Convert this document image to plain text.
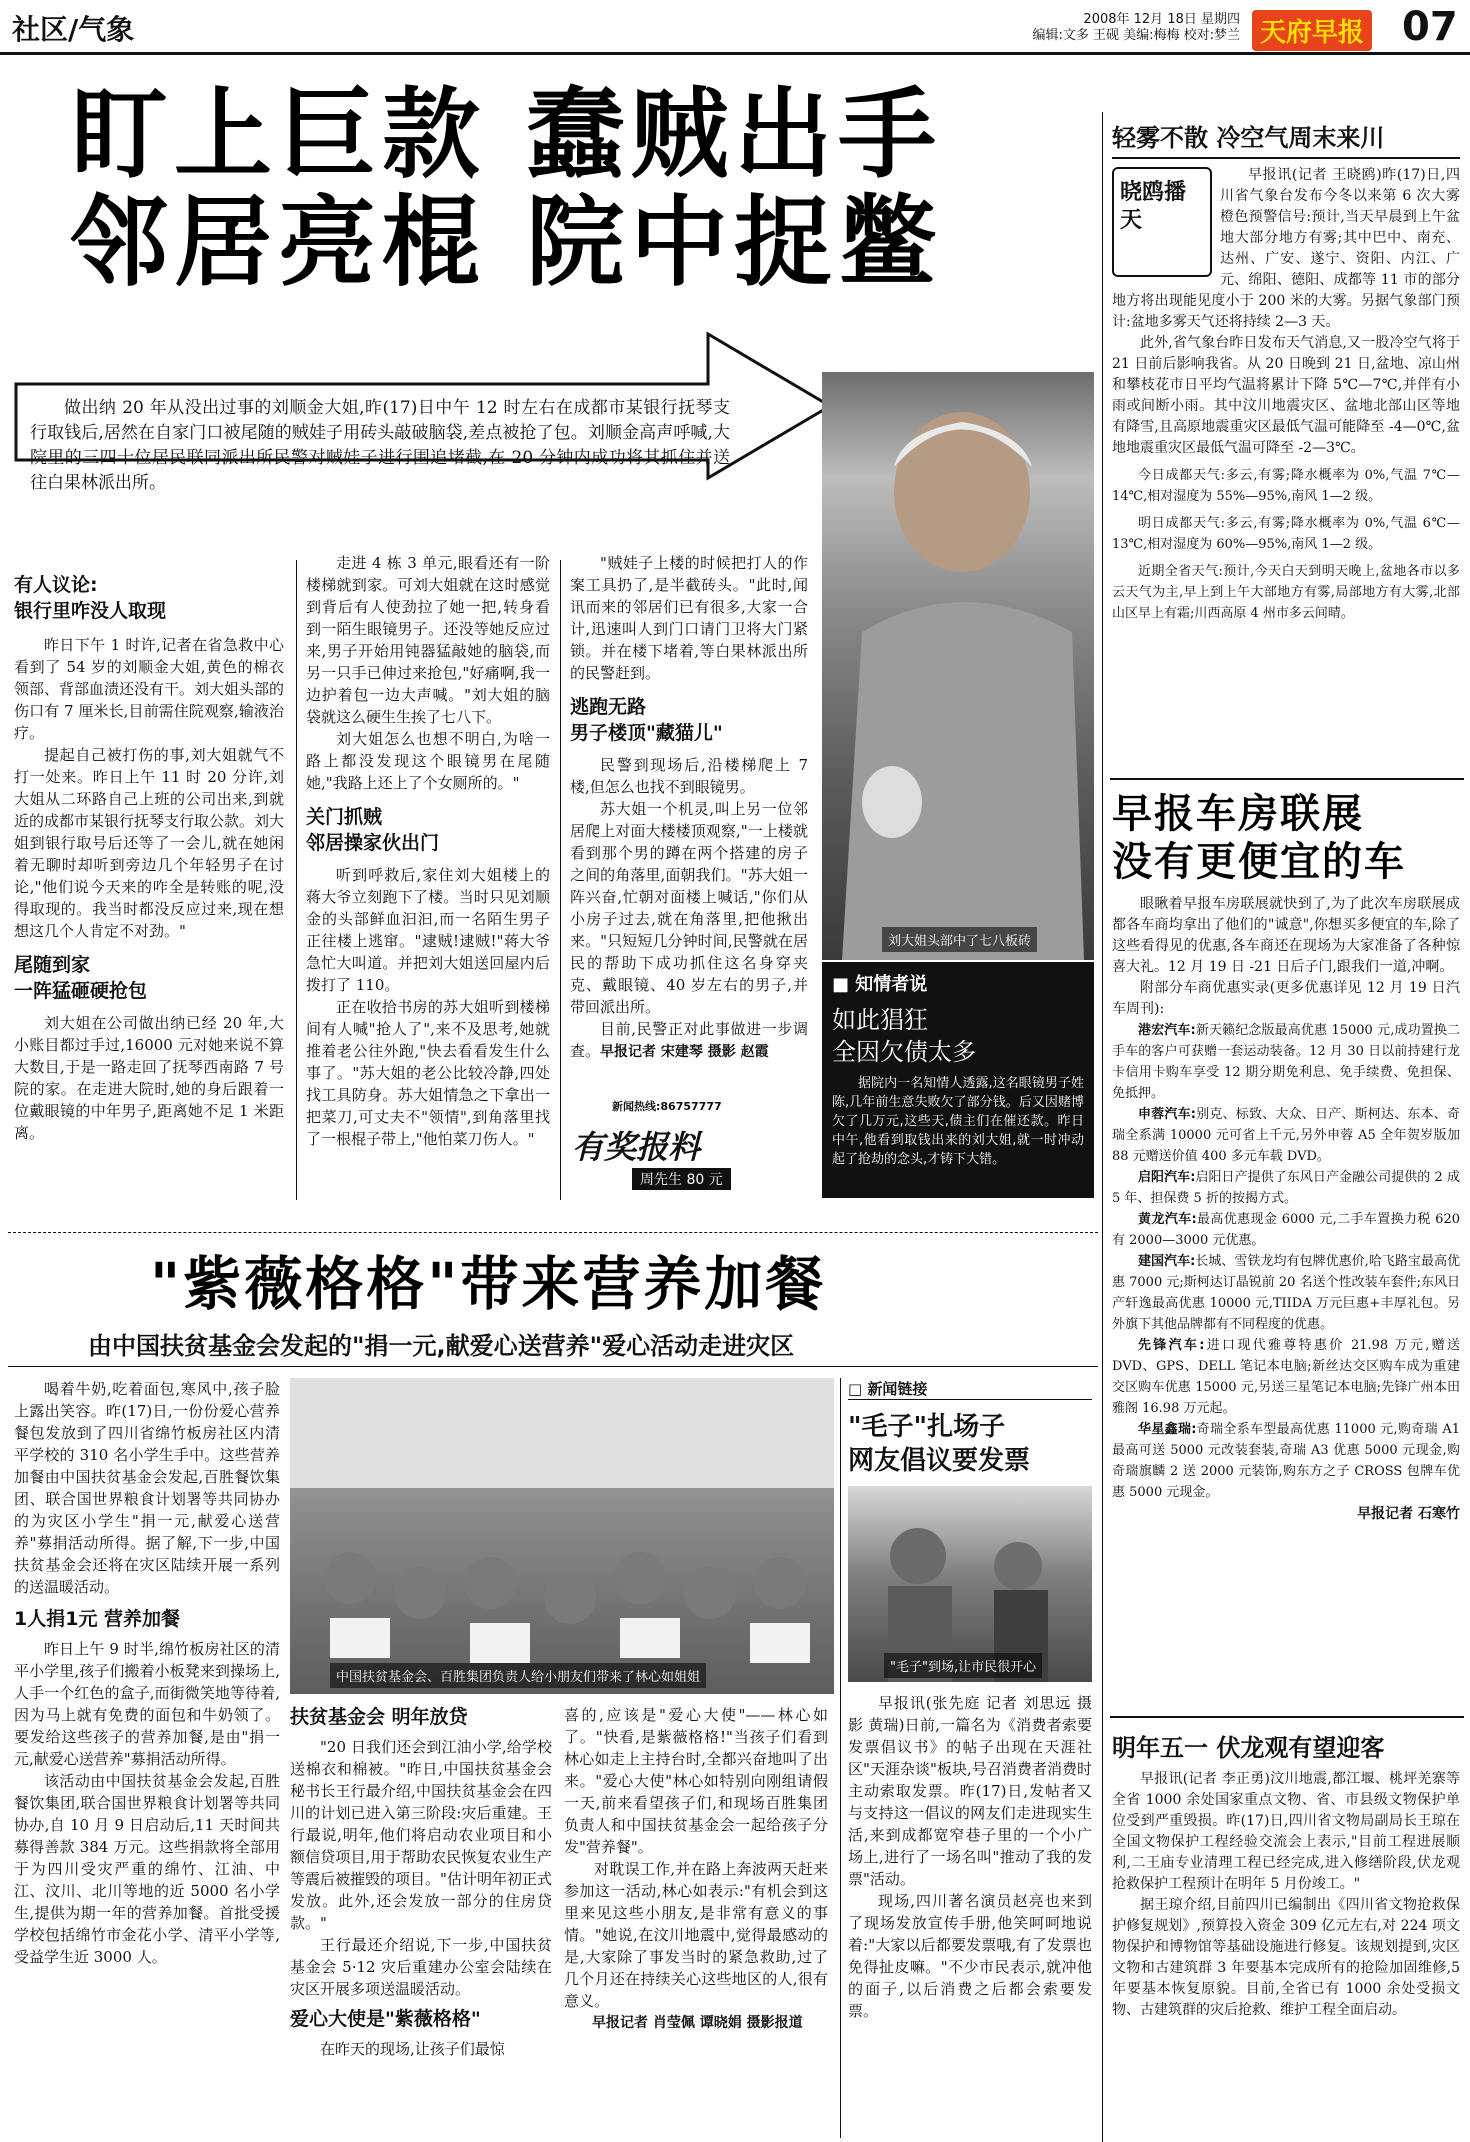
社区/气象	2008年 12月 18日 星期四
编辑:文多 王砚 美编:梅梅 校对:梦兰 天府早报 07
盯上巨款 蠢贼出手
邻居亮棍 院中捉鳖
做出纳 20 年从没出过事的刘顺金大姐,昨(17)日中午 12 时左右在成都市某银行抚琴支行取钱后,居然在自家门口被尾随的贼娃子用砖头敲破脑袋,差点被抢了包。刘顺金高声呼喊,大院里的三四十位居民联同派出所民警对贼娃子进行围追堵截,在 20 分钟内成功将其抓住并送往白果林派出所。
有人议论:
银行里咋没人取现

昨日下午 1 时许,记者在省急救中心看到了 54 岁的刘顺金大姐,黄色的棉衣领部、背部血渍还没有干。刘大姐头部的伤口有 7 厘米长,目前需住院观察,输液治疗。

提起自己被打伤的事,刘大姐就气不打一处来。昨日上午 11 时 20 分许,刘大姐从二环路自己上班的公司出来,到就近的成都市某银行抚琴支行取公款。刘大姐到银行取号后还等了一会儿,就在她闲着无聊时却听到旁边几个年轻男子在讨论,"他们说今天来的咋全是转账的呢,没得取现的。我当时都没反应过来,现在想想这几个人肯定不对劲。"

尾随到家
一阵猛砸硬抢包

刘大姐在公司做出纳已经 20 年,大小账目都过手过,16000 元对她来说不算大数目,于是一路走回了抚琴西南路 7 号院的家。在走进大院时,她的身后跟着一位戴眼镜的中年男子,距离她不足 1 米距离。

走进 4 栋 3 单元,眼看还有一阶楼梯就到家。可刘大姐就在这时感觉到背后有人使劲拉了她一把,转身看到一陌生眼镜男子。还没等她反应过来,男子开始用钝器猛敲她的脑袋,而另一只手已伸过来抢包,"好痛啊,我一边护着包一边大声喊。"刘大姐的脑袋就这么硬生生挨了七八下。

刘大姐怎么也想不明白,为啥一路上都没发现这个眼镜男在尾随她,"我路上还上了个女厕所的。"

关门抓贼
邻居操家伙出门

听到呼救后,家住刘大姐楼上的蒋大爷立刻跑下了楼。当时只见刘顺金的头部鲜血汩汩,而一名陌生男子正往楼上逃窜。"逮贼!逮贼!"蒋大爷急忙大叫道。并把刘大姐送回屋内后拨打了 110。

正在收拾书房的苏大姐听到楼梯间有人喊"抢人了",来不及思考,她就推着老公往外跑,"快去看看发生什么事了。"苏大姐的老公比较冷静,四处找工具防身。苏大姐情急之下拿出一把菜刀,可丈夫不"领情",到角落里找了一根棍子带上,"他怕菜刀伤人。"

"贼娃子上楼的时候把打人的作案工具扔了,是半截砖头。"此时,闻讯而来的邻居们已有很多,大家一合计,迅速叫人到门口请门卫将大门紧锁。并在楼下堵着,等白果林派出所的民警赶到。

逃跑无路
男子楼顶"藏猫儿"

民警到现场后,沿楼梯爬上 7 楼,但怎么也找不到眼镜男。

苏大姐一个机灵,叫上另一位邻居爬上对面大楼楼顶观察,"一上楼就看到那个男的蹲在两个搭建的房子之间的角落里,面朝我们。"苏大姐一阵兴奋,忙朝对面楼上喊话,"你们从小房子过去,就在角落里,把他揪出来。"只短短几分钟时间,民警就在居民的帮助下成功抓住这名身穿夹克、戴眼镜、40 岁左右的男子,并带回派出所。

目前,民警正对此事做进一步调查。早报记者 宋建琴 摄影 赵霞

新闻热线:86757777
有奖报料
周先生 80 元
刘大姐头部中了七八板砖
■ 知情者说
如此猖狂
全因欠债太多
据院内一名知情人透露,这名眼镜男子姓陈,几年前生意失败欠了部分钱。后又因赌博欠了几万元,这些天,债主们在催还款。昨日中午,他看到取钱出来的刘大姐,就一时冲动起了抢劫的念头,才铸下大错。
轻雾不散 冷空气周末来川
晓鸥播天

早报讯(记者 王晓鸥)昨(17)日,四川省气象台发布今冬以来第 6 次大雾橙色预警信号:预计,当天早晨到上午盆地大部分地方有雾;其中巴中、南充、达州、广安、遂宁、资阳、内江、广元、绵阳、德阳、成都等 11 市的部分地方将出现能见度小于 200 米的大雾。另据气象部门预计:盆地多雾天气还将持续 2—3 天。

此外,省气象台昨日发布天气消息,又一股冷空气将于 21 日前后影响我省。从 20 日晚到 21 日,盆地、凉山州和攀枝花市日平均气温将累计下降 5℃—7℃,并伴有小雨或间断小雨。其中汶川地震灾区、盆地北部山区等地有降雪,且高原地震重灾区最低气温可能降至 -4—0℃,盆地地震重灾区最低气温可降至 -2—3℃。

今日成都天气:多云,有雾;降水概率为 0%,气温 7℃—14℃,相对湿度为 55%—95%,南风 1—2 级。

明日成都天气:多云,有雾;降水概率为 0%,气温 6℃—13℃,相对湿度为 60%—95%,南风 1—2 级。

近期全省天气:预计,今天白天到明天晚上,盆地各市以多云天气为主,早上到上午大部地方有雾,局部地方有大雾,北部山区早上有霜;川西高原 4 州市多云间晴。

早报车房联展
没有更便宜的车

眼瞅着早报车房联展就快到了,为了此次车房联展成都各车商均拿出了他们的"诚意",你想买多便宜的车,除了这些看得见的优惠,各车商还在现场为大家准备了各种惊喜大礼。12 月 19 日 -21 日后子门,跟我们一道,冲啊。

附部分车商优惠实录(更多优惠详见 12 月 19 日汽车周刊):

港宏汽车:新天籁纪念版最高优惠 15000 元,成功置换二手车的客户可获赠一套运动装备。12 月 30 日以前持建行龙卡信用卡购车享受 12 期分期免利息、免手续费、免担保、免抵押。

申蓉汽车:别克、标致、大众、日产、斯柯达、东本、奇瑞全系满 10000 元可省上千元,另外申蓉 A5 全年贺岁版加 88 元赠送价值 400 多元车载 DVD。

启阳汽车:启阳日产提供了东风日产金融公司提供的 2 成 5 年、担保费 5 折的按揭方式。

黄龙汽车:最高优惠现金 6000 元,二手车置换力税 620 有 2000—3000 元优惠。

建国汽车:长城、雪铁龙均有包牌优惠价,哈飞路宝最高优惠 7000 元;斯柯达订晶锐前 20 名送个性改装车套件;东风日产轩逸最高优惠 10000 元,TIIDA 万元巨惠+丰厚礼包。另外旗下其他品牌都有不同程度的优惠。

先锋汽车:进口现代雅尊特惠价 21.98 万元,赠送 DVD、GPS、DELL 笔记本电脑;新丝达交区购车成为重建交区购车优惠 15000 元,另送三星笔记本电脑;先锋广州本田雅阁 16.98 万元起。

华星鑫瑞:奇瑞全系车型最高优惠 11000 元,购奇瑞 A1 最高可送 5000 元改装套装,奇瑞 A3 优惠 5000 元现金,购奇瑞旗麟 2 送 2000 元装饰,购东方之子 CROSS 包牌车优惠 5000 元现金。

早报记者 石寒竹
明年五一 伏龙观有望迎客

早报讯(记者 李正勇)汶川地震,都江堰、桃坪羌寨等全省 1000 余处国家重点文物、省、市县级文物保护单位受到严重毁损。昨(17)日,四川省文物局副局长王琼在全国文物保护工程经验交流会上表示,"目前工程进展顺利,二王庙专业清理工程已经完成,进入修缮阶段,伏龙观抢救保护工程预计在明年 5 月份竣工。"

据王琼介绍,目前四川已编制出《四川省文物抢救保护修复规划》,预算投入资金 309 亿元左右,对 224 项文物保护和博物馆等基础设施进行修复。该规划提到,灾区文物和古建筑群 3 年要基本完成所有的抢险加固维修,5 年要基本恢复原貌。目前,全省已有 1000 余处受损文物、古建筑群的灾后抢救、维护工程全面启动。

"紫薇格格"带来营养加餐
由中国扶贫基金会发起的"捐一元,献爱心送营养"爱心活动走进灾区

喝着牛奶,吃着面包,寒风中,孩子脸上露出笑容。昨(17)日,一份份爱心营养餐包发放到了四川省绵竹板房社区内清平学校的 310 名小学生手中。这些营养加餐由中国扶贫基金会发起,百胜餐饮集团、联合国世界粮食计划署等共同协办的为灾区小学生"捐一元,献爱心送营养"募捐活动所得。据了解,下一步,中国扶贫基金会还将在灾区陆续开展一系列的送温暖活动。

1人捐1元 营养加餐

昨日上午 9 时半,绵竹板房社区的清平小学里,孩子们搬着小板凳来到操场上,人手一个红色的盒子,而街微笑地等待着,因为马上就有免费的面包和牛奶领了。要发给这些孩子的营养加餐,是由"捐一元,献爱心送营养"募捐活动所得。

该活动由中国扶贫基金会发起,百胜餐饮集团,联合国世界粮食计划署等共同协办,自 10 月 9 日启动后,11 天时间共募得善款 384 万元。这些捐款将全部用于为四川受灾严重的绵竹、江油、中江、汶川、北川等地的近 5000 名小学生,提供为期一年的营养加餐。首批受援学校包括绵竹市金花小学、清平小学等,受益学生近 3000 人。

中国扶贫基金会、百胜集团负责人给小朋友们带来了林心如姐姐
扶贫基金会 明年放贷

"20 日我们还会到江油小学,给学校送棉衣和棉被。"昨日,中国扶贫基金会秘书长王行最介绍,中国扶贫基金会在四川的计划已进入第三阶段:灾后重建。王行最说,明年,他们将启动农业项目和小额信贷项目,用于帮助农民恢复农业生产等震后被摧毁的项目。"估计明年初正式发放。此外,还会发放一部分的住房贷款。"

王行最还介绍说,下一步,中国扶贫基金会 5·12 灾后重建办公室会陆续在灾区开展多项送温暖活动。

爱心大使是"紫薇格格"

在昨天的现场,让孩子们最惊

喜的,应该是"爱心大使"——林心如了。"快看,是紫薇格格!"当孩子们看到林心如走上主持台时,全都兴奋地叫了出来。"爱心大使"林心如特别向刚组请假一天,前来看望孩子们,和现场百胜集团负责人和中国扶贫基金会一起给孩子分发"营养餐"。

对耽误工作,并在路上奔波两天赶来参加这一活动,林心如表示:"有机会到这里来见这些小朋友,是非常有意义的事情。"她说,在汶川地震中,觉得最感动的是,大家除了事发当时的紧急救助,过了几个月还在持续关心这些地区的人,很有意义。

早报记者 肖莹佩 谭晓娟 摄影报道
□ 新闻链接
"毛子"扎场子
网友倡议要发票
"毛子"到场,让市民很开心

早报讯(张先庭 记者 刘思远 摄影 黄瑞)日前,一篇名为《消费者索要发票倡议书》的帖子出现在天涯社区"天涯杂谈"板块,号召消费者消费时主动索取发票。昨(17)日,发帖者又与支持这一倡议的网友们走进现实生活,来到成都宽窄巷子里的一个小广场上,进行了一场名叫"推动了我的发票"活动。

现场,四川著名演员赵亮也来到了现场发放宣传手册,他笑呵呵地说着:"大家以后都要发票哦,有了发票也免得扯皮嘛。"不少市民表示,就冲他的面子,以后消费之后都会索要发票。
